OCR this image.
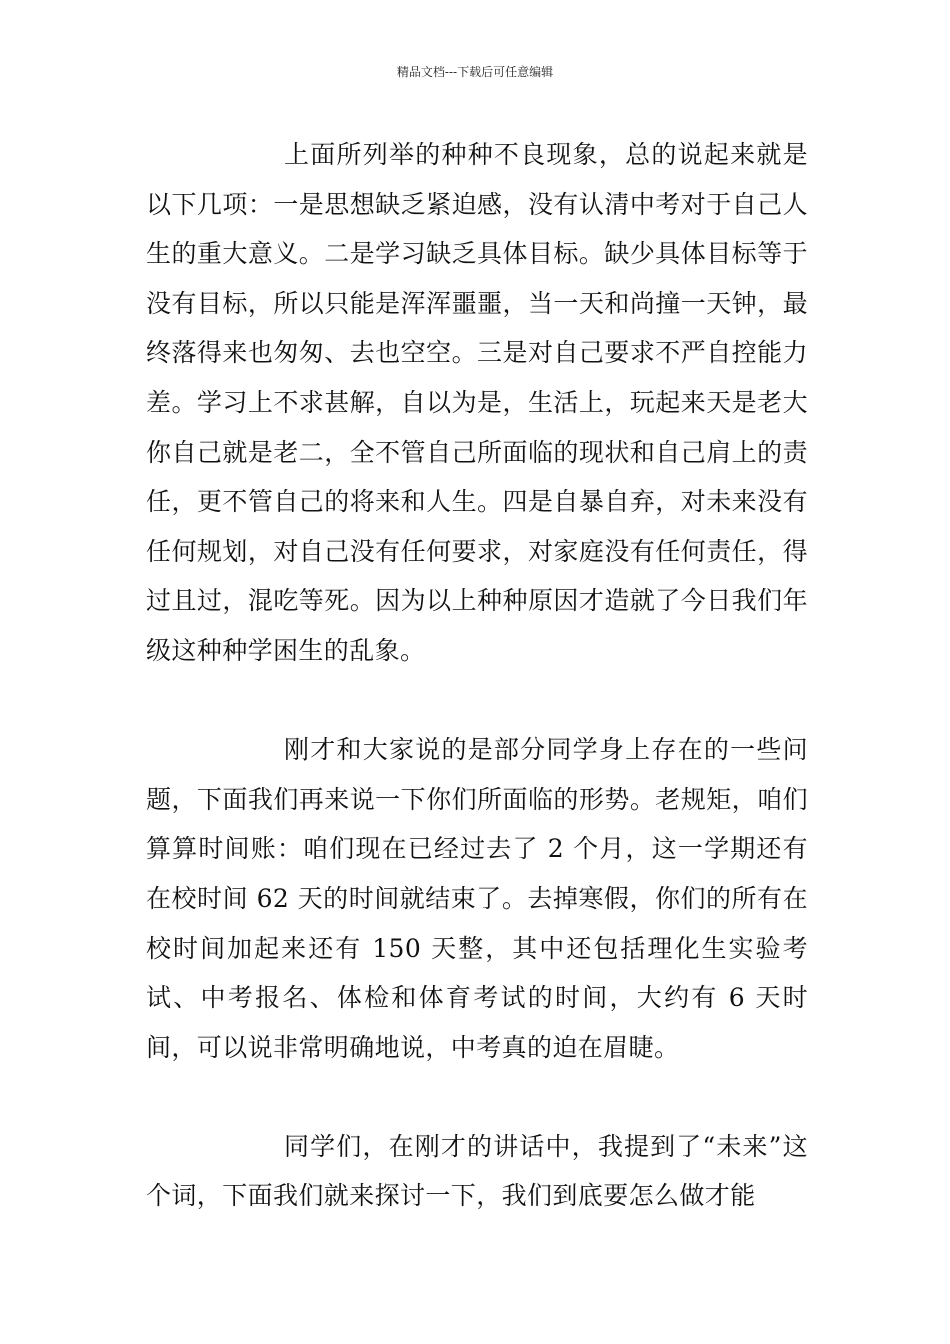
精品文档---下载后可任意编辑

上面所列举的种种不良现象，总的说起来就是以下几项：一是思想缺乏紧迫感，没有认清中考对于自己人生的重大意义。二是学习缺乏具体目标。缺少具体目标等于没有目标，所以只能是浑浑噩噩，当一天和尚撞一天钟，最终落得来也匆匆、去也空空。三是对自己要求不严自控能力差。学习上不求甚解，自以为是，生活上，玩起来天是老大你自己就是老二，全不管自己所面临的现状和自己肩上的责任，更不管自己的将来和人生。四是自暴自弃，对未来没有任何规划，对自己没有任何要求，对家庭没有任何责任，得过且过，混吃等死。因为以上种种原因才造就了今日我们年级这种种学困生的乱象。

刚才和大家说的是部分同学身上存在的一些问题，下面我们再来说一下你们所面临的形势。老规矩，咱们算算时间账：咱们现在已经过去了 2 个月，这一学期还有在校时间 62 天的时间就结束了。去掉寒假，你们的所有在校时间加起来还有 150 天整，其中还包括理化生实验考试、中考报名、体检和体育考试的时间，大约有 6 天时间，可以说非常明确地说，中考真的迫在眉睫。

同学们，在刚才的讲话中，我提到了“未来”这个词，下面我们就来探讨一下，我们到底要怎么做才能
